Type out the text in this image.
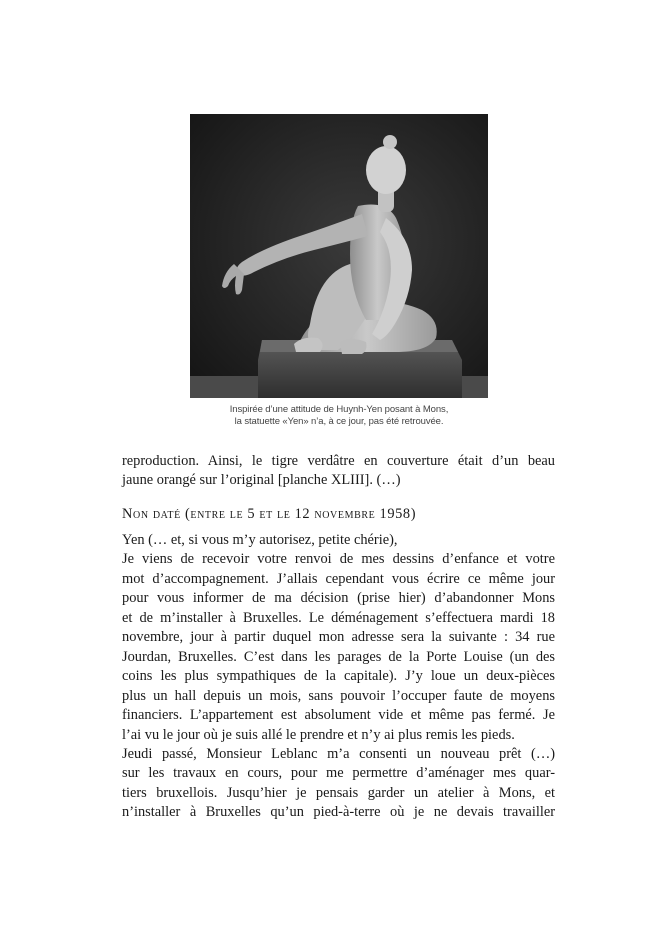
Inspirée d’une attitude de Huynh-Yen posant à Mons,
la statuette «Yen» n’a, à ce jour, pas été retrouvée.
reproduction. Ainsi, le tigre verdâtre en couverture était d’un beau
jaune orangé sur l’original [planche XLIII]. (…)
Non daté (entre le 5 et le 12 novembre 1958)
Yen (… et, si vous m’y autorisez, petite chérie),
Je viens de recevoir votre renvoi de mes dessins d’enfance et votre
mot d’accompagnement. J’allais cependant vous écrire ce même jour
pour vous informer de ma décision (prise hier) d’abandonner Mons
et de m’installer à Bruxelles. Le déménagement s’effectuera mardi 18
novembre, jour à partir duquel mon adresse sera la suivante : 34 rue
Jourdan, Bruxelles. C’est dans les parages de la Porte Louise (un des
coins les plus sympathiques de la capitale). J’y loue un deux-pièces
plus un hall depuis un mois, sans pouvoir l’occuper faute de moyens
financiers. L’appartement est absolument vide et même pas fermé. Je
l’ai vu le jour où je suis allé le prendre et n’y ai plus remis les pieds.
Jeudi passé, Monsieur Leblanc m’a consenti un nouveau prêt (…)
sur les travaux en cours, pour me permettre d’aménager mes quar-
tiers bruxellois. Jusqu’hier je pensais garder un atelier à Mons, et
n’installer à Bruxelles qu’un pied-à-terre où je ne devais travailler
